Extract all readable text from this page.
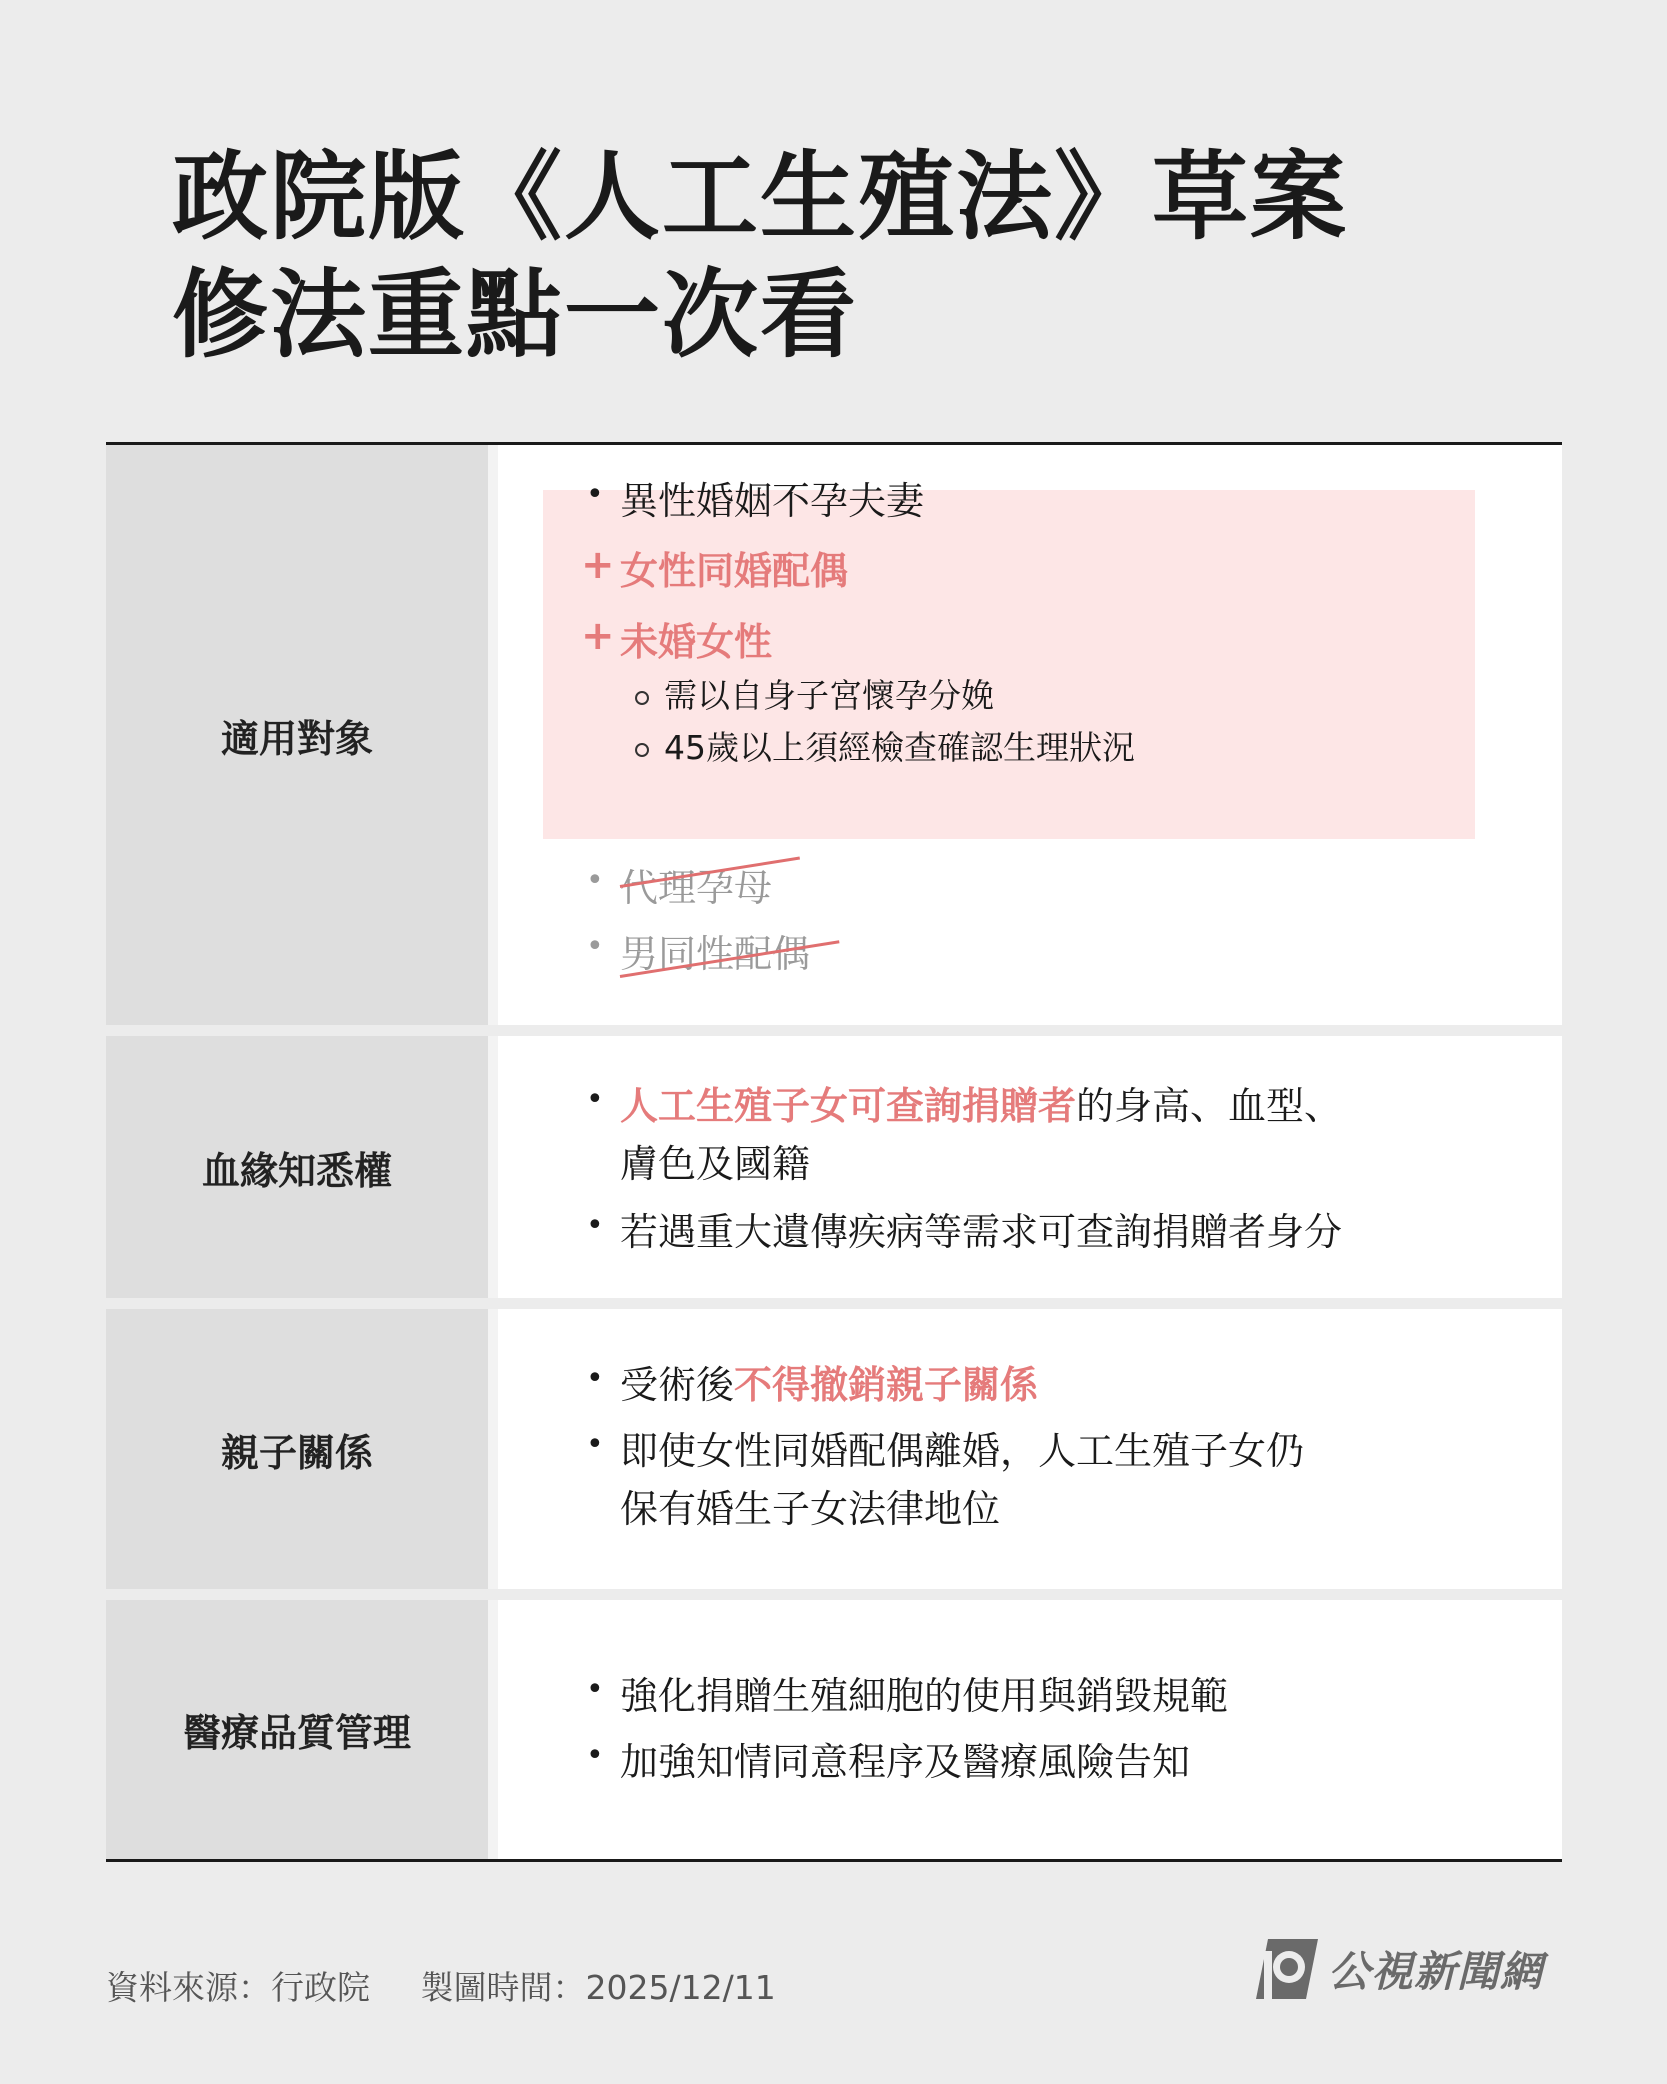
政院版《人工生殖法》草案
修法重點一次看
適用對象
• 異性婚姻不孕夫妻
+ 女性同婚配偶
+ 未婚女性
需以自身子宮懷孕分娩
45歲以上須經檢查確認生理狀況
• 代理孕母
• 男同性配偶
血緣知悉權
• 人工生殖子女可查詢捐贈者的身高、血型、
膚色及國籍
• 若遇重大遺傳疾病等需求可查詢捐贈者身分
親子關係
• 受術後不得撤銷親子關係
• 即使女性同婚配偶離婚，人工生殖子女仍
保有婚生子女法律地位
醫療品質管理
• 強化捐贈生殖細胞的使用與銷毀規範
• 加強知情同意程序及醫療風險告知
資料來源：行政院 製圖時間：2025/12/11	公視新聞網
